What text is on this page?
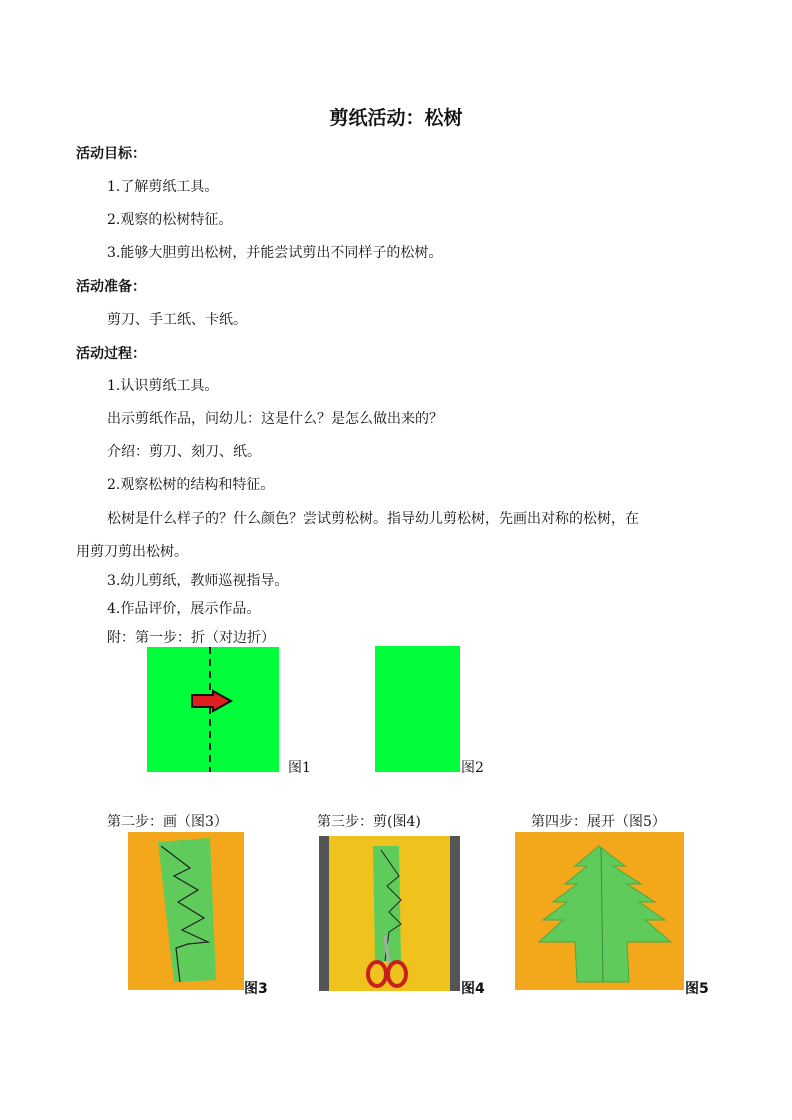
剪纸活动：松树
活动目标：
1.了解剪纸工具。
2.观察的松树特征。
3.能够大胆剪出松树，并能尝试剪出不同样子的松树。
活动准备：
剪刀、手工纸、卡纸。
活动过程：
1.认识剪纸工具。
出示剪纸作品，问幼儿：这是什么？是怎么做出来的？
介绍：剪刀、刻刀、纸。
2.观察松树的结构和特征。
松树是什么样子的？什么颜色？尝试剪松树。指导幼儿剪松树，先画出对称的松树，在
用剪刀剪出松树。
3.幼儿剪纸，教师巡视指导。
4.作品评价，展示作品。
附：第一步：折（对边折）
图1	图2
第二步：画（图3）	第三步：剪(图4)	第四步：展开（图5）
图3	图4	图5
